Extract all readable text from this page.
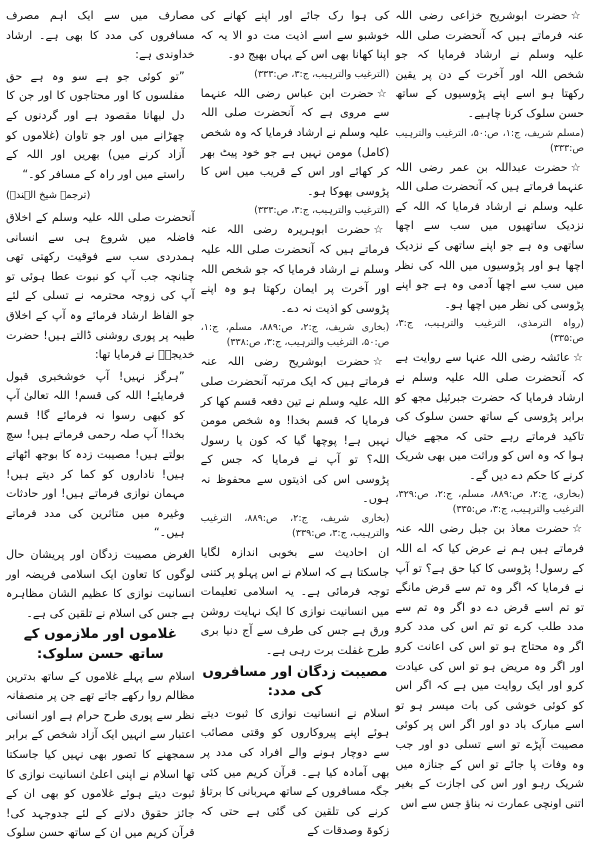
☆ حضرت ابوشریح خزاعی رضی اللہ عنہ فرماتے ہیں کہ آنحضرت صلی اللہ علیہ وسلم نے ارشاد فرمایا کہ جو شخص اللہ اور آخرت کے دن پر یقین رکھتا ہو اسے اپنے پڑوسیوں کے ساتھ حسن سلوک کرنا چاہیے۔

(مسلم شریف، ج:۱، ص:۵۰، الترغیب والترہیب ص:۳۳۳)

☆ حضرت عبداللہ بن عمر رضی اللہ عنہما فرماتے ہیں کہ آنحضرت صلی اللہ علیہ وسلم نے ارشاد فرمایا کہ اللہ کے نزدیک ساتھیوں میں سب سے اچھا ساتھی وہ ہے جو اپنے ساتھی کے نزدیک اچھا ہو اور پڑوسیوں میں اللہ کی نظر میں سب سے اچھا آدمی وہ ہے جو اپنے پڑوسی کی نظر میں اچھا ہو۔

(رواہ الترمذی، الترغیب والترہیب، ج:۳، ص:۳۳۵)

☆ عائشہ رضی اللہ عنہا سے روایت ہے کہ آنحضرت صلی اللہ علیہ وسلم نے ارشاد فرمایا کہ حضرت جبرئیل مجھ کو برابر پڑوسی کے ساتھ حسن سلوک کی تاکید فرماتے رہے حتی کہ مجھے خیال ہوا کہ وہ اس کو وراثت میں بھی شریک کرنے کا حکم دے دیں گے۔

(بخاری، ج:۲، ص:۸۸۹، مسلم، ج:۲، ص:۳۲۹، الترغیب والترہیب، ج:۳، ص:۳۳۵)

☆ حضرت معاذ بن جبل رضی اللہ عنہ فرماتے ہیں ہم نے عرض کیا کہ اے اللہ کے رسول! پڑوسی کا کیا حق ہے؟ تو آپ نے فرمایا کہ اگر وہ تم سے قرض مانگے تو تم اسے قرض دے دو اگر وہ تم سے مدد طلب کرے تو تم اس کی مدد کرو اگر وہ محتاج ہو تو اس کی اعانت کرو اور اگر وہ مریض ہو تو اس کی عیادت کرو اور ایک روایت میں ہے کہ اگر اس کو کوئی خوشی کی بات میسر ہو تو اسے مبارک باد دو اور اگر اس پر کوئی مصیبت آپڑے تو اسے تسلی دو اور جب وہ وفات پا جائے تو اس کے جنازہ میں شریک رہو اور اس کی اجازت کے بغیر اتنی اونچی عمارت نہ بناؤ جس سے اس

کی ہوا رک جائے اور اپنے کھانے کی خوشبو سے اسے اذیت مت دو الا یہ کہ اپنا کھانا بھی اس کے یہاں بھیج دو۔

(الترغیب والترہیب، ج:۳، ص:۳۳۳)

☆ حضرت ابن عباس رضی اللہ عنہما سے مروی ہے کہ آنحضرت صلی اللہ علیہ وسلم نے ارشاد فرمایا کہ وہ شخص (کامل) مومن نہیں ہے جو خود پیٹ بھر کر کھائے اور اس کے قریب میں اس کا پڑوسی بھوکا ہو۔

(الترغیب والترہیب، ج:۳، ص:۳۳۳)

☆ حضرت ابوہریرہ رضی اللہ عنہ فرماتے ہیں کہ آنحضرت صلی اللہ علیہ وسلم نے ارشاد فرمایا کہ جو شخص اللہ اور آخرت پر ایمان رکھتا ہو وہ اپنے پڑوسی کو اذیت نہ دے۔

(بخاری شریف، ج:۲، ص:۸۸۹، مسلم، ج:۱، ص:۵۰، الترغیب والترہیب، ج:۳، ص:۳۳۸)

☆ حضرت ابوشریح رضی اللہ عنہ فرماتے ہیں کہ ایک مرتبہ آنحضرت صلی اللہ علیہ وسلم نے تین دفعہ قسم کھا کر فرمایا کہ قسم بخدا! وہ شخص مومن نہیں ہے! پوچھا گیا کہ کون یا رسول اللہ؟ تو آپ نے فرمایا کہ جس کے پڑوسی اس کی اذیتوں سے محفوظ نہ ہوں۔

(بخاری شریف، ج:۲، ص:۸۸۹، الترغیب والترہیب، ج:۳، ص:۳۳۹)

ان احادیث سے بخوبی اندازہ لگایا جاسکتا ہے کہ اسلام نے اس پہلو پر کتنی توجہ فرمائی ہے۔ یہ اسلامی تعلیمات میں انسانیت نوازی کا ایک نہایت روشن ورق ہے جس کی طرف سے آج دنیا بری طرح غفلت برت رہی ہے۔

مصیبت زدگان اور مسافروں کی مدد:

اسلام نے انسانیت نوازی کا ثبوت دیتے ہوئے اپنے پیروکاروں کو وقتی مصائب سے دوچار ہونے والے افراد کی مدد پر بھی آمادہ کیا ہے۔ قرآن کریم میں کئی جگہ مسافروں کے ساتھ مہربانی کا برتاؤ کرنے کی تلقین کی گئی ہے حتی کہ زکوۃ وصدقات کے

مصارف میں سے ایک اہم مصرف مسافروں کی مدد کا بھی ہے۔ ارشاد خداوندی ہے:

”تو کوئی جو ہے سو وہ ہے حق مفلسوں کا اور محتاجوں کا اور جن کا دل لبھانا مقصود ہے اور گردنوں کے چھڑانے میں اور جو تاوان (غلاموں کو آزاد کرنے میں) بھریں اور اللہ کے راستے میں اور راہ کے مسافر کو۔“

(ترجمہ شیخ الہندؒ)

آنحضرت صلی اللہ علیہ وسلم کے اخلاق فاضلہ میں شروع ہی سے انسانی ہمدردی سب سے فوقیت رکھتی تھی چنانچہ جب آپ کو نبوت عطا ہوئی تو آپ کی زوجہ محترمہ نے تسلی کے لئے جو الفاظ ارشاد فرمائے وہ آپ کے اخلاق طیبہ پر پوری روشنی ڈالتے ہیں! حضرت خدیجہؓ نے فرمایا تھا:

”ہرگز نہیں! آپ خوشخبری قبول فرمایئے! اللہ کی قسم! اللہ تعالیٰ آپ کو کبھی رسوا نہ فرمائے گا! قسم بخدا! آپ صلہ رحمی فرماتے ہیں! سچ بولتے ہیں! مصیبت زدہ کا بوجھ اٹھاتے ہیں! ناداروں کو کما کر دیتے ہیں! مہمان نوازی فرماتے ہیں! اور حادثات وغیرہ میں متاثرین کی مدد فرماتے ہیں۔“

الغرض مصیبت زدگان اور پریشان حال لوگوں کا تعاون ایک اسلامی فریضہ اور انسانیت نوازی کا عظیم الشان مظاہرہ ہے جس کی اسلام نے تلقین کی ہے۔

غلاموں اور ملازموں کے ساتھ حسن سلوک:

اسلام سے پہلے غلاموں کے ساتھ بدترین مظالم روا رکھے جاتے تھے جن پر منصفانہ نظر سے پوری طرح حرام ہے اور انسانی اعتبار سے انہیں ایک آزاد شخص کے برابر سمجھنے کا تصور بھی نہیں کیا جاسکتا تھا اسلام نے اپنی اعلیٰ انسانیت نوازی کا ثبوت دیتے ہوئے غلاموں کو بھی ان کے جائز حقوق دلانے کے لئے جدوجہد کی! قرآن کریم میں ان کے ساتھ حسن سلوک
